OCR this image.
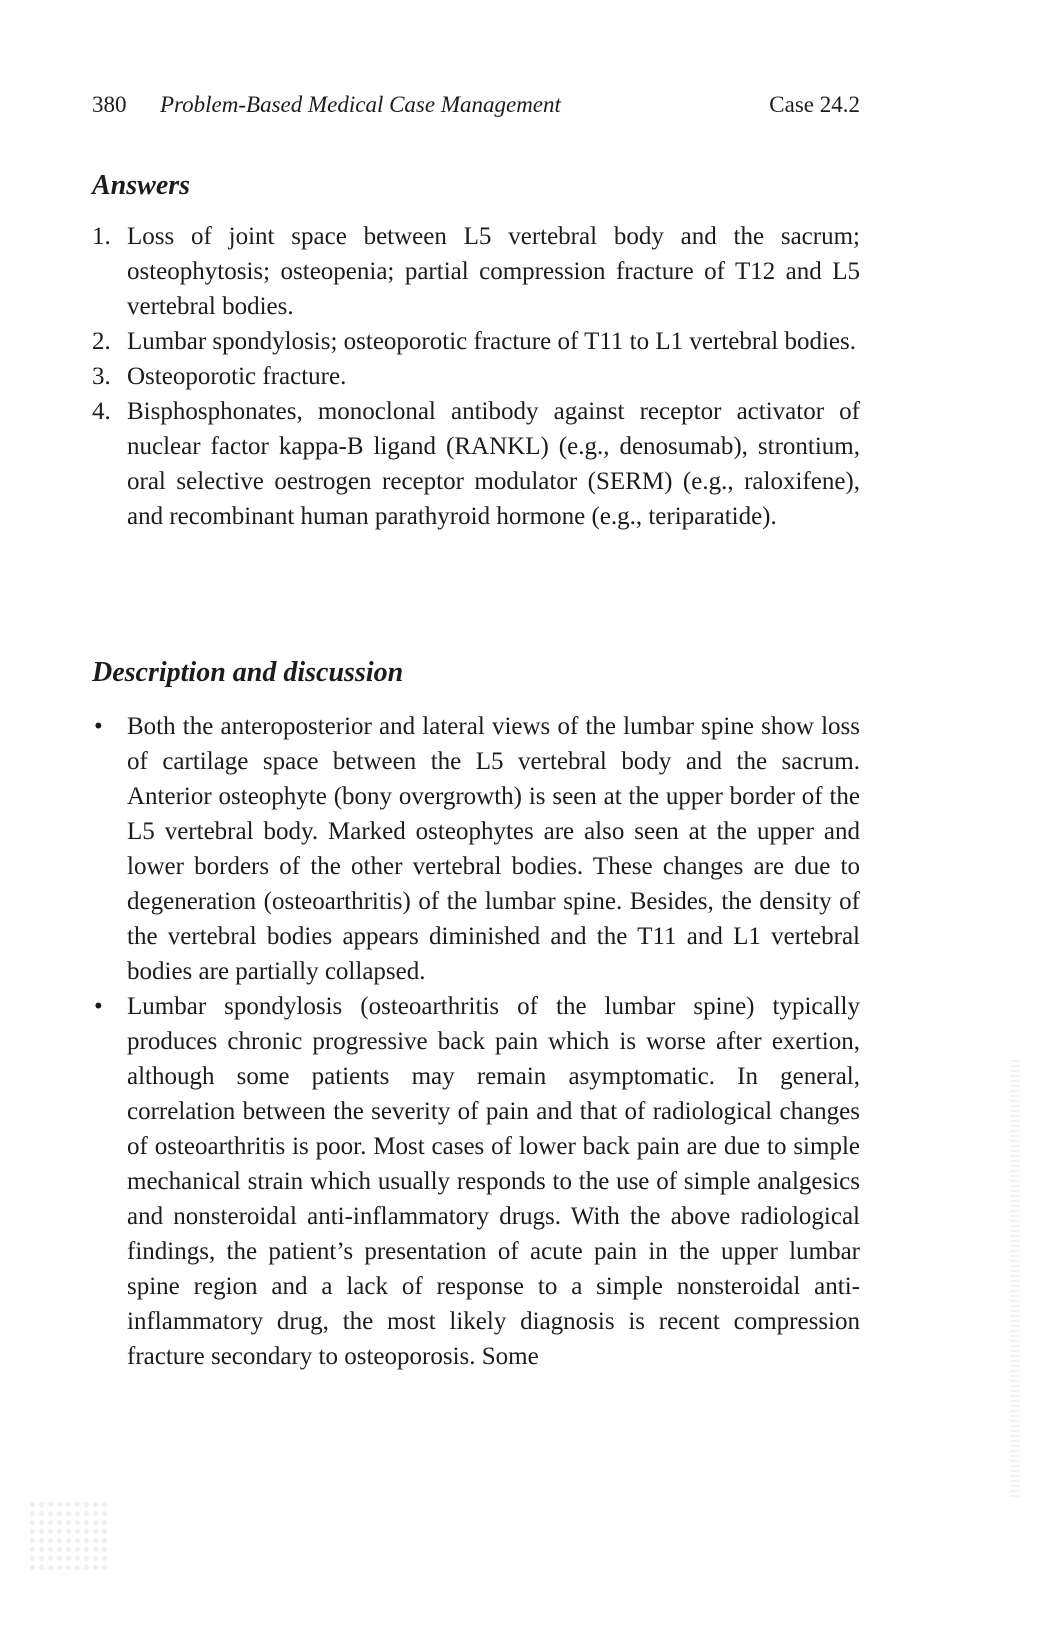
380 Problem-Based Medical Case Management	Case 24.2
Answers
1. Loss of joint space between L5 vertebral body and the sacrum; osteophytosis; osteopenia; partial compression fracture of T12 and L5 vertebral bodies.
2. Lumbar spondylosis; osteoporotic fracture of T11 to L1 vertebral bodies.
3. Osteoporotic fracture.
4. Bisphosphonates, monoclonal antibody against receptor activator of nuclear factor kappa-B ligand (RANKL) (e.g., denosumab), strontium, oral selective oestrogen receptor modulator (SERM) (e.g., raloxifene), and recombinant human parathyroid hormone (e.g., teriparatide).
Description and discussion
• Both the anteroposterior and lateral views of the lumbar spine show loss of cartilage space between the L5 vertebral body and the sacrum. Anterior osteophyte (bony overgrowth) is seen at the upper border of the L5 vertebral body. Marked osteophytes are also seen at the upper and lower borders of the other vertebral bodies. These changes are due to degeneration (osteoarthritis) of the lumbar spine. Besides, the density of the vertebral bodies appears diminished and the T11 and L1 vertebral bodies are partially collapsed.
• Lumbar spondylosis (osteoarthritis of the lumbar spine) typically produces chronic progressive back pain which is worse after exertion, although some patients may remain asymptomatic. In general, correlation between the severity of pain and that of radiological changes of osteoarthritis is poor. Most cases of lower back pain are due to simple mechanical strain which usually responds to the use of simple analgesics and nonsteroidal anti-inflammatory drugs. With the above radiological findings, the patient’s presentation of acute pain in the upper lumbar spine region and a lack of response to a simple nonsteroidal anti-inflammatory drug, the most likely diagnosis is recent compression fracture secondary to osteoporosis. Some
